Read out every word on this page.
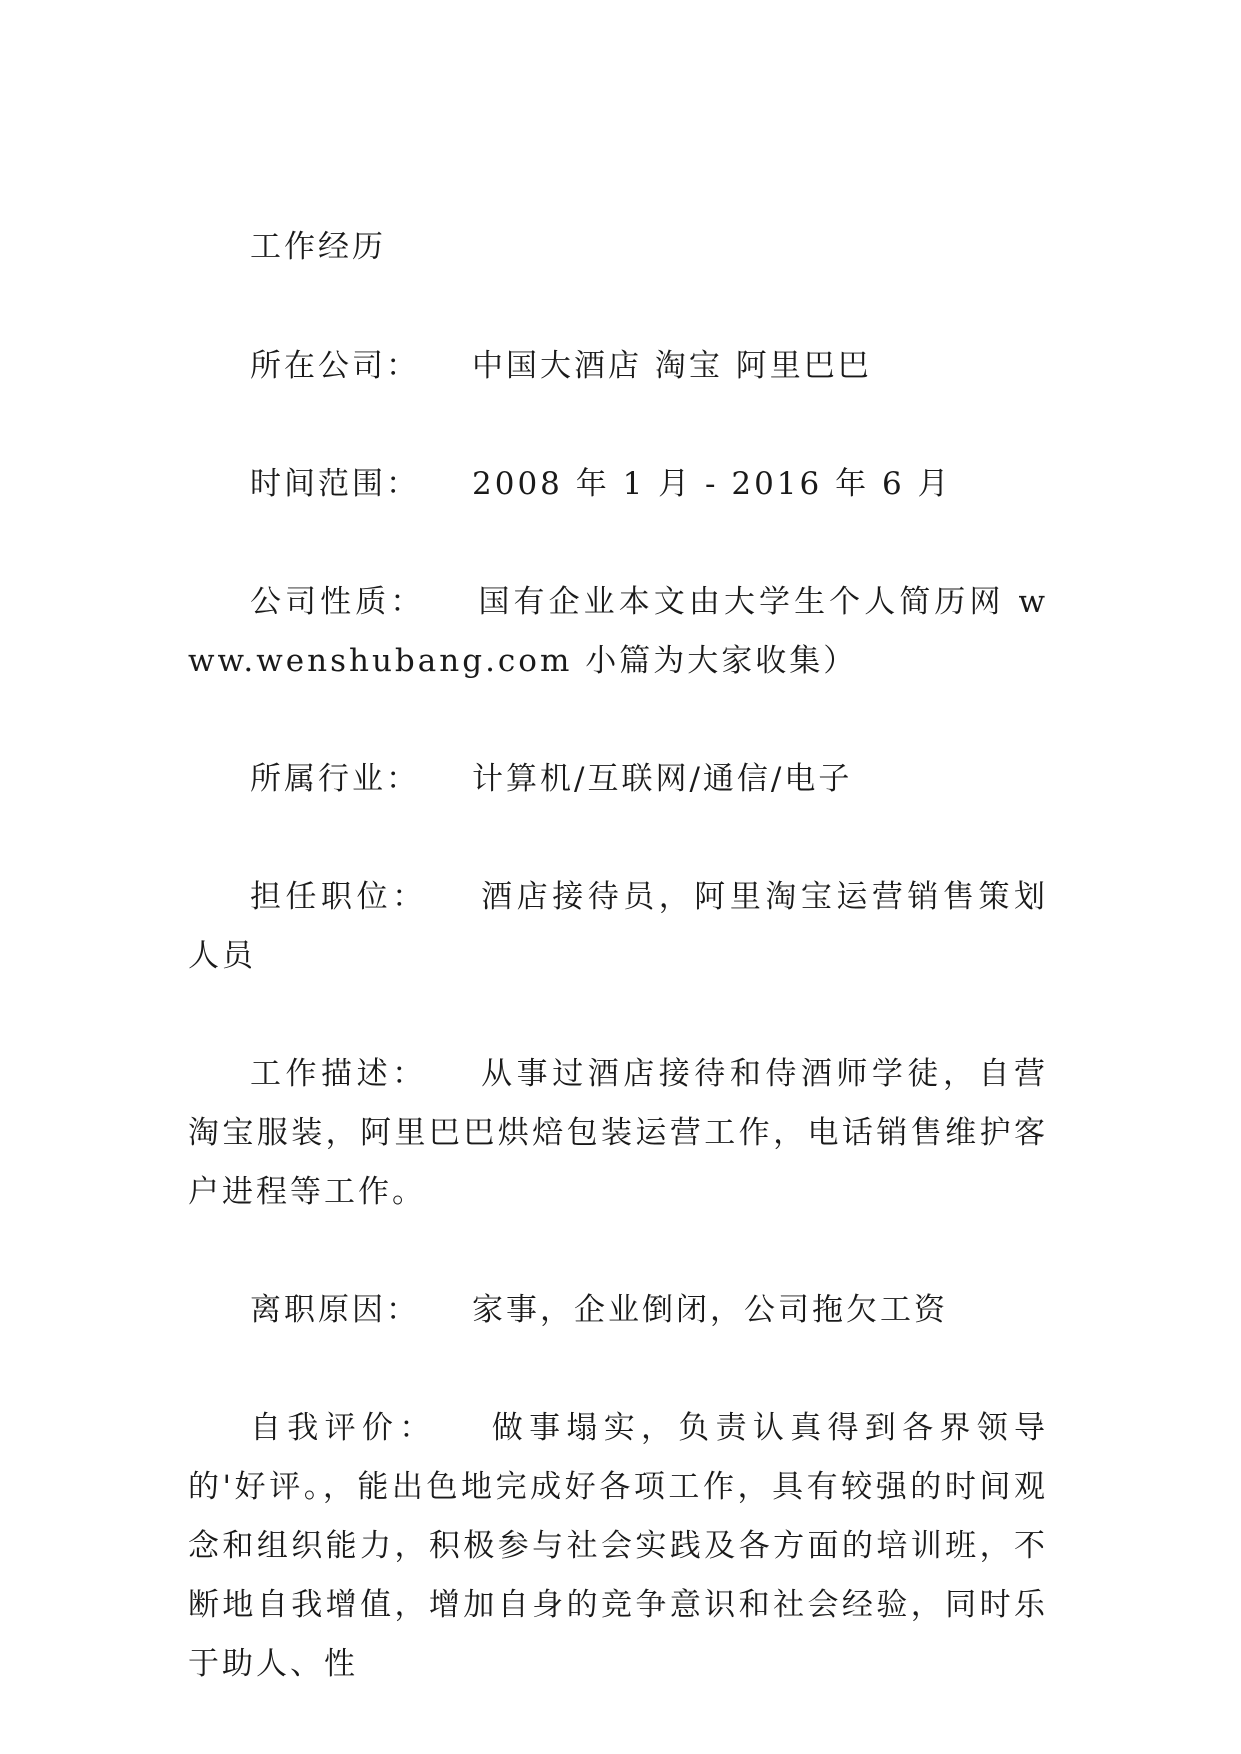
工作经历

所在公司： 中国大酒店 淘宝 阿里巴巴

时间范围： 2008 年 1 月 - 2016 年 6 月

公司性质： 国有企业本文由大学生个人简历网 www.wenshubang.com 小篇为大家收集）

所属行业： 计算机/互联网/通信/电子

担任职位： 酒店接待员，阿里淘宝运营销售策划人员

工作描述： 从事过酒店接待和侍酒师学徒，自营淘宝服装，阿里巴巴烘焙包装运营工作，电话销售维护客户进程等工作。

离职原因： 家事，企业倒闭，公司拖欠工资

自我评价： 做事塌实，负责认真得到各界领导的'好评。，能出色地完成好各项工作，具有较强的时间观念和组织能力，积极参与社会实践及各方面的培训班，不断地自我增值，增加自身的竞争意识和社会经验，同时乐于助人、性
